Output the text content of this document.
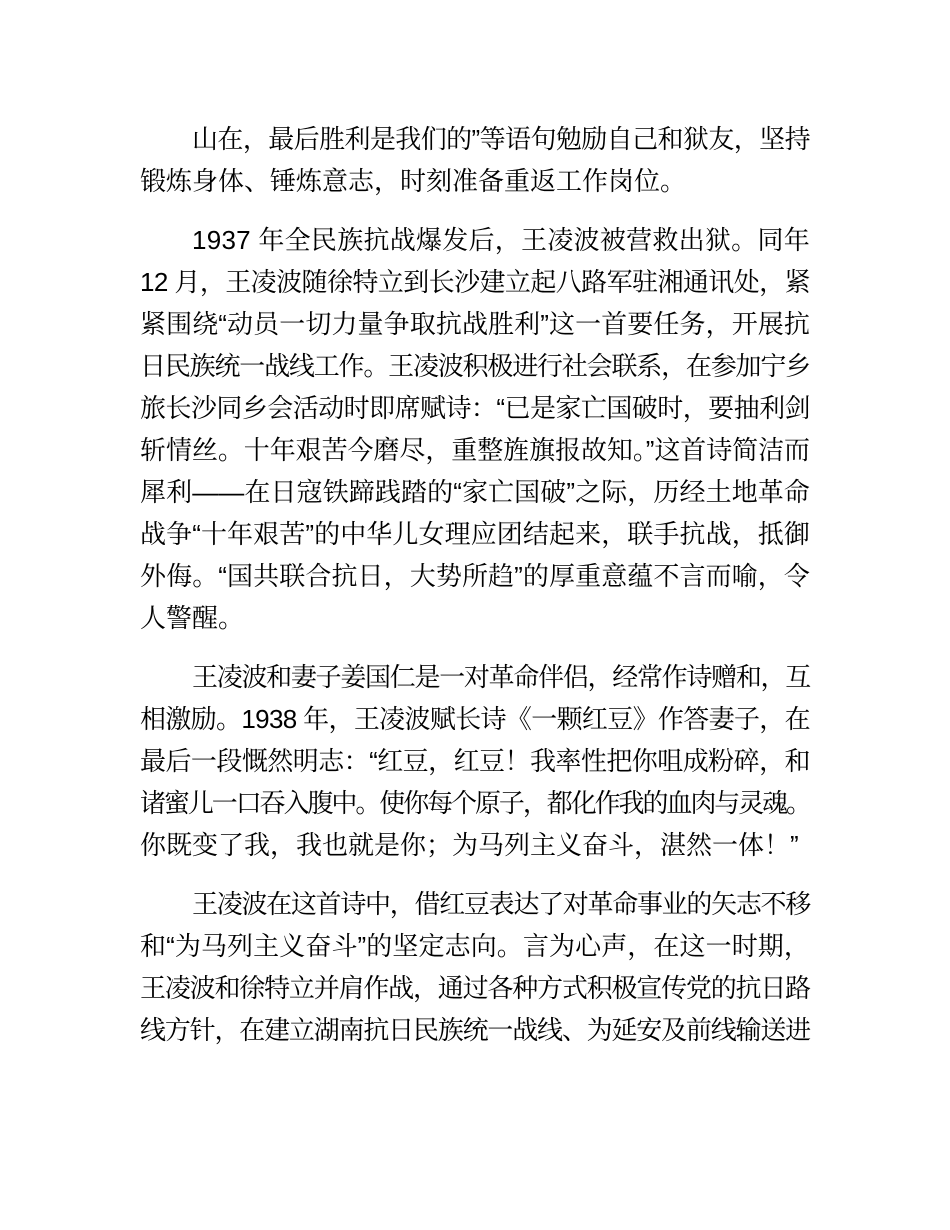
山在，最后胜利是我们的”等语句勉励自己和狱友，坚持
锻炼身体、锤炼意志，时刻准备重返工作岗位。
1937 年全民族抗战爆发后，王凌波被营救出狱。同年
12 月，王凌波随徐特立到长沙建立起八路军驻湘通讯处，紧
紧围绕“动员一切力量争取抗战胜利”这一首要任务，开展抗
日民族统一战线工作。王凌波积极进行社会联系，在参加宁乡
旅长沙同乡会活动时即席赋诗：“已是家亡国破时，要抽利剑
斩情丝。十年艰苦今磨尽，重整旌旗报故知。”这首诗简洁而
犀利——在日寇铁蹄践踏的“家亡国破”之际，历经土地革命
战争“十年艰苦”的中华儿女理应团结起来，联手抗战，抵御
外侮。“国共联合抗日，大势所趋”的厚重意蕴不言而喻，令
人警醒。
王凌波和妻子姜国仁是一对革命伴侣，经常作诗赠和，互
相激励。1938 年，王凌波赋长诗《一颗红豆》作答妻子，在
最后一段慨然明志：“红豆，红豆！我率性把你咀成粉碎，和
诸蜜儿一口吞入腹中。使你每个原子，都化作我的血肉与灵魂。
你既变了我，我也就是你；为马列主义奋斗，湛然一体！”
王凌波在这首诗中，借红豆表达了对革命事业的矢志不移
和“为马列主义奋斗”的坚定志向。言为心声，在这一时期，
王凌波和徐特立并肩作战，通过各种方式积极宣传党的抗日路
线方针，在建立湖南抗日民族统一战线、为延安及前线输送进
